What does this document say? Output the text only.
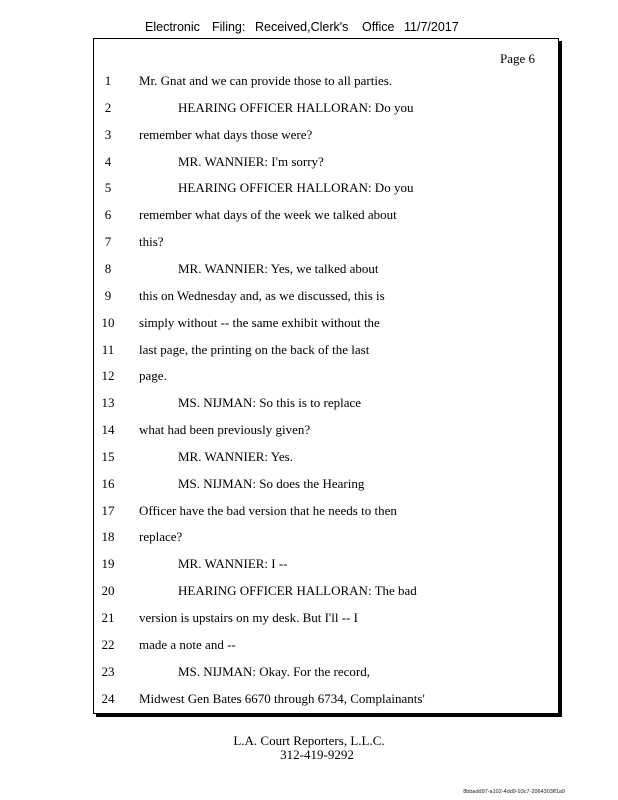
Electronic Filing: Received,Clerk's Office 11/7/2017
Page 6
1	Mr. Gnat and we can provide those to all parties.
2	HEARING OFFICER HALLORAN: Do you
3	remember what days those were?
4	MR. WANNIER: I'm sorry?
5	HEARING OFFICER HALLORAN: Do you
6	remember what days of the week we talked about
7	this?
8	MR. WANNIER: Yes, we talked about
9	this on Wednesday and, as we discussed, this is
10	simply without -- the same exhibit without the
11	last page, the printing on the back of the last
12	page.
13	MS. NIJMAN: So this is to replace
14	what had been previously given?
15	MR. WANNIER: Yes.
16	MS. NIJMAN: So does the Hearing
17	Officer have the bad version that he needs to then
18	replace?
19	MR. WANNIER: I --
20	HEARING OFFICER HALLORAN: The bad
21	version is upstairs on my desk. But I'll -- I
22	made a note and --
23	MS. NIJMAN: Okay. For the record,
24	Midwest Gen Bates 6670 through 6734, Complainants'
L.A. Court Reporters, L.L.C.
312-419-9292
8bbadd97-a102-4dd9-93c7-2064303ff1a9
